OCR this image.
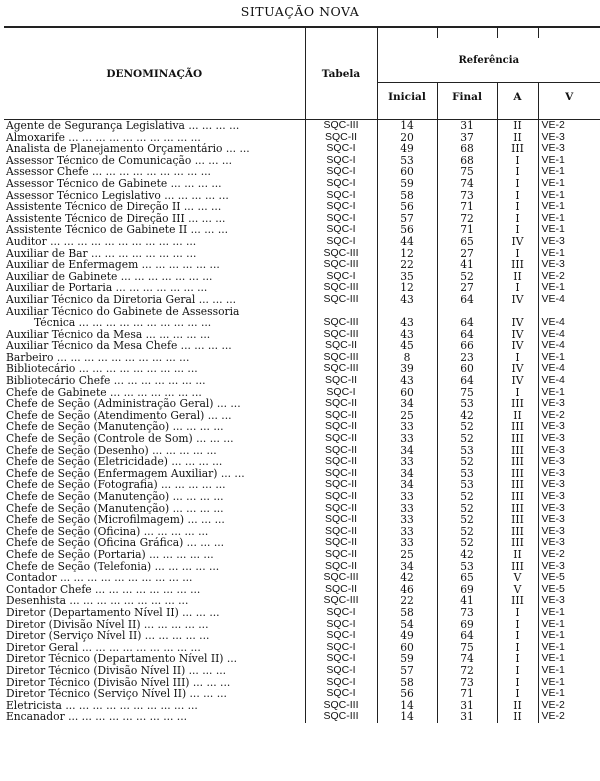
SITUAÇÃO NOVA

DENOMINAÇÃO	Tabela	Referência			
		Inicial	Final	A	V

Agente de Segurança Legislativa ... ... ... ...	SQC-III	14	31	II	VE-2
Almoxarife ... ... ... ... ... ... ... ... ... ...	SQC-II	20	37	II	VE-3
Analista de Planejamento Orçamentário ... ...	SQC-I	49	68	III	VE-3
Assessor Técnico de Comunicação ... ... ...	SQC-I	53	68	I	VE-1
Assessor Chefe ... ... ... ... ... ... ... ... ...	SQC-I	60	75	I	VE-1
Assessor Técnico de Gabinete ... ... ... ...	SQC-I	59	74	I	VE-1
Assessor Técnico Legislativo ... ... ... ... ...	SQC-I	58	73	I	VE-1
Assistente Técnico de Direção II ... ... ...	SQC-I	56	71	I	VE-1
Assistente Técnico de Direção III ... ... ...	SQC-I	57	72	I	VE-1
Assistente Técnico de Gabinete II ... ... ...	SQC-I	56	71	I	VE-1
Auditor ... ... ... ... ... ... ... ... ... ... ...	SQC-I	44	65	IV	VE-3
Auxiliar de Bar ... ... ... ... ... ... ... ...	SQC-III	12	27	I	VE-1
Auxiliar de Enfermagem ... ... ... ... ... ...	SQC-III	22	41	III	VE-3
Auxiliar de Gabinete ... ... ... ... ... ... ...	SQC-I	35	52	II	VE-2
Auxiliar de Portaria ... ... ... ... ... ... ...	SQC-III	12	27	I	VE-1
Auxiliar Técnico da Diretoria Geral ... ... ...	SQC-III	43	64	IV	VE-4
Auxiliar Técnico do Gabinete de Assessoria					
Técnica ... ... ... ... ... ... ... ... ... ...	SQC-III	43	64	IV	VE-4
Auxiliar Técnico da Mesa ... ... ... ... ...	SQC-III	43	64	IV	VE-4
Auxiliar Técnico da Mesa Chefe ... ... ... ...	SQC-II	45	66	IV	VE-4
Barbeiro ... ... ... ... ... ... ... ... ... ...	SQC-III	8	23	I	VE-1
Bibliotecário ... ... ... ... ... ... ... ... ...	SQC-III	39	60	IV	VE-4
Bibliotecário Chefe ... ... ... ... ... ... ...	SQC-II	43	64	IV	VE-4
Chefe de Gabinete ... ... ... ... ... ... ...	SQC-I	60	75	I	VE-1
Chefe de Seção (Administração Geral) ... ...	SQC-II	34	53	III	VE-3
Chefe de Seção (Atendimento Geral) ... ...	SQC-II	25	42	II	VE-2
Chefe de Seção (Manutenção) ... ... ... ...	SQC-II	33	52	III	VE-3
Chefe de Seção (Controle de Som) ... ... ...	SQC-II	33	52	III	VE-3
Chefe de Seção (Desenho) ... ... ... ... ...	SQC-II	34	53	III	VE-3
Chefe de Seção (Eletricidade) ... ... ... ...	SQC-II	33	52	III	VE-3
Chefe de Seção (Enfermagem Auxiliar) ... ...	SQC-II	34	53	III	VE-3
Chefe de Seção (Fotografia) ... ... ... ... ...	SQC-II	34	53	III	VE-3
Chefe de Seção (Manutenção) ... ... ... ...	SQC-II	33	52	III	VE-3
Chefe de Seção (Manutenção) ... ... ... ...	SQC-II	33	52	III	VE-3
Chefe de Seção (Microfilmagem) ... ... ...	SQC-II	33	52	III	VE-3
Chefe de Seção (Oficina) ... ... ... ... ...	SQC-II	33	52	III	VE-3
Chefe de Seção (Oficina Gráfica) ... ... ...	SQC-II	33	52	III	VE-3
Chefe de Seção (Portaria) ... ... ... ... ...	SQC-II	25	42	II	VE-2
Chefe de Seção (Telefonia) ... ... ... ... ...	SQC-II	34	53	III	VE-3
Contador ... ... ... ... ... ... ... ... ... ...	SQC-III	42	65	V	VE-5
Contador Chefe ... ... ... ... ... ... ... ...	SQC-II	46	69	V	VE-5
Desenhista ... ... ... ... ... ... ... ... ...	SQC-III	22	41	III	VE-3
Diretor (Departamento Nível II) ... ... ...	SQC-I	58	73	I	VE-1
Diretor (Divisão Nível II) ... ... ... ... ...	SQC-I	54	69	I	VE-1
Diretor (Serviço Nível II) ... ... ... ... ...	SQC-I	49	64	I	VE-1
Diretor Geral ... ... ... ... ... ... ... ... ...	SQC-I	60	75	I	VE-1
Diretor Técnico (Departamento Nível II) ...	SQC-I	59	74	I	VE-1
Diretor Técnico (Divisão Nível II) ... ... ...	SQC-I	57	72	I	VE-1
Diretor Técnico (Divisão Nível III) ... ... ...	SQC-I	58	73	I	VE-1
Diretor Técnico (Serviço Nível II) ... ... ...	SQC-I	56	71	I	VE-1
Eletricista ... ... ... ... ... ... ... ... ... ...	SQC-III	14	31	II	VE-2
Encanador ... ... ... ... ... ... ... ... ...	SQC-III	14	31	II	VE-2
